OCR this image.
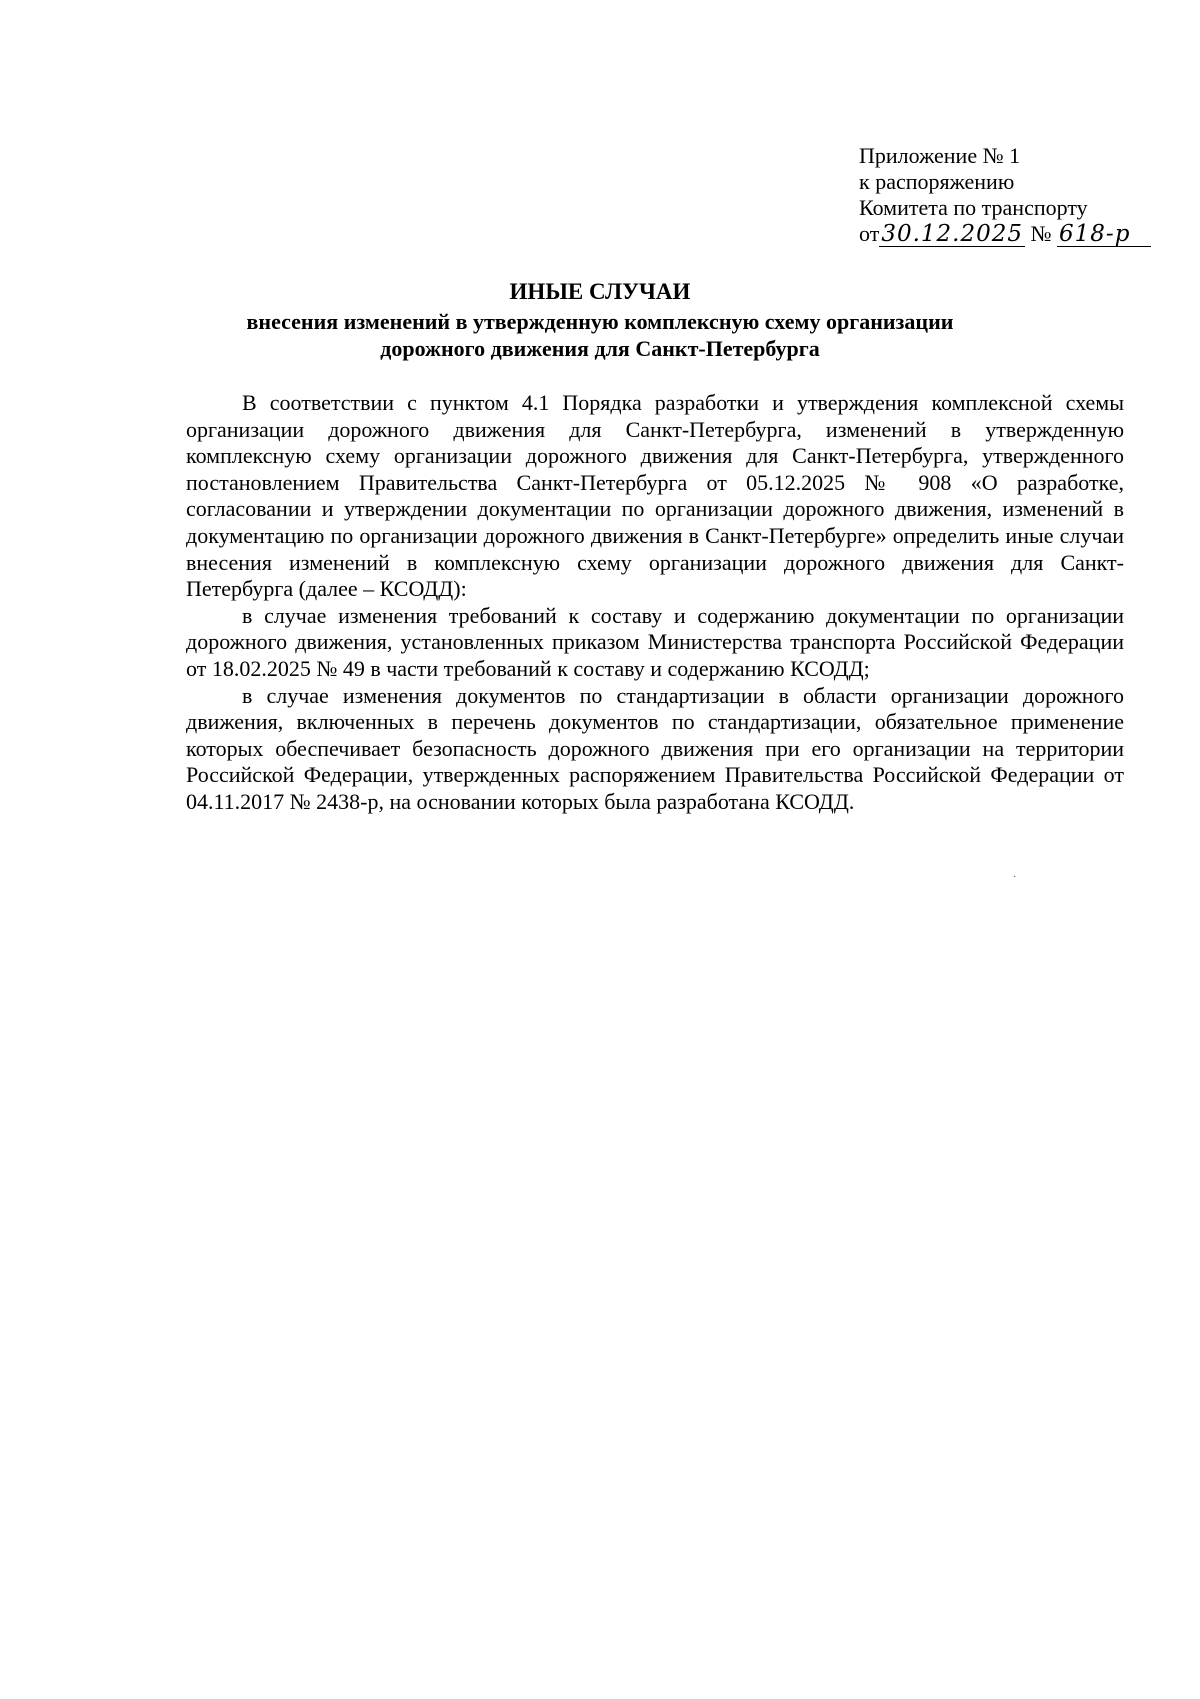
Приложение № 1
к распоряжению
Комитета по транспорту
от30.12.2025 № 618-р
ИНЫЕ СЛУЧАИ
внесения изменений в утвержденную комплексную схему организации
дорожного движения для Санкт-Петербурга

В соответствии с пунктом 4.1 Порядка разработки и утверждения комплексной схемы организации дорожного движения для Санкт-Петербурга, изменений в утвержденную комплексную схему организации дорожного движения для Санкт-Петербурга, утвержденного постановлением Правительства Санкт-Петербурга от 05.12.2025 № 908 «О разработке, согласовании и утверждении документации по организации дорожного движения, изменений в документацию по организации дорожного движения в Санкт-Петербурге» определить иные случаи внесения изменений в комплексную схему организации дорожного движения для Санкт-Петербурга (далее – КСОДД):

в случае изменения требований к составу и содержанию документации по организации дорожного движения, установленных приказом Министерства транспорта Российской Федерации от 18.02.2025 № 49 в части требований к составу и содержанию КСОДД;

в случае изменения документов по стандартизации в области организации дорожного движения, включенных в перечень документов по стандартизации, обязательное применение которых обеспечивает безопасность дорожного движения при его организации на территории Российской Федерации, утвержденных распоряжением Правительства Российской Федерации от 04.11.2017 № 2438-р, на основании которых была разработана КСОДД.

·
